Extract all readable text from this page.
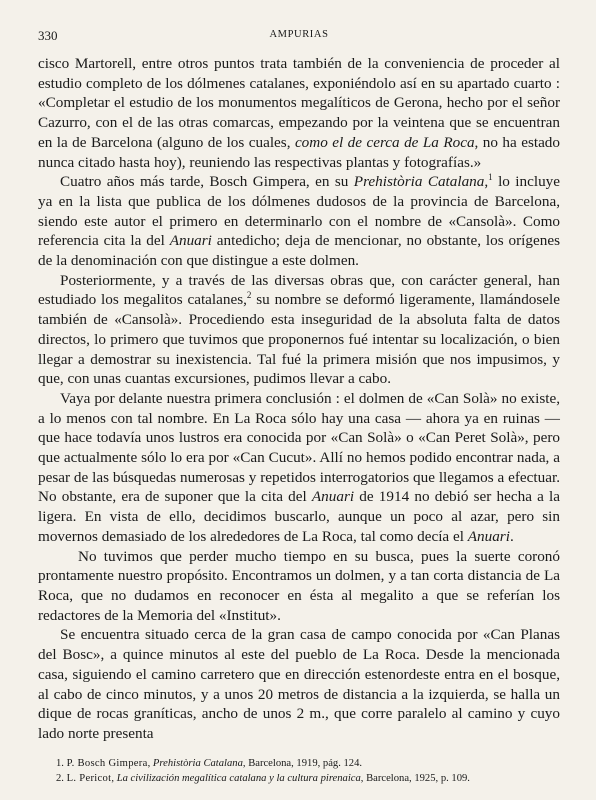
330	AMPURIAS

cisco Martorell, entre otros puntos trata también de la conveniencia de proceder al estudio completo de los dólmenes catalanes, exponiéndolo así en su apartado cuarto : «Completar el estudio de los monumentos megalíticos de Gerona, hecho por el señor Cazurro, con el de las otras comarcas, empezando por la veintena que se encuentran en la de Barcelona (alguno de los cuales, como el de cerca de La Roca, no ha estado nunca citado hasta hoy), reuniendo las respectivas plantas y fotografías.»

Cuatro años más tarde, Bosch Gimpera, en su Prehistòria Catalana,$^1$ lo incluye ya en la lista que publica de los dólmenes dudosos de la provincia de Barcelona, siendo este autor el primero en determinarlo con el nombre de «Cansolà». Como referencia cita la del Anuari antedicho; deja de mencionar, no obstante, los orígenes de la denominación con que distingue a este dolmen.

Posteriormente, y a través de las diversas obras que, con carácter general, han estudiado los megalitos catalanes,$^2$ su nombre se deformó ligeramente, llamándosele también de «Cansolà». Procediendo esta inseguridad de la absoluta falta de datos directos, lo primero que tuvimos que proponernos fué intentar su localización, o bien llegar a demostrar su inexistencia. Tal fué la primera misión que nos impusimos, y que, con unas cuantas excursiones, pudimos llevar a cabo.

Vaya por delante nuestra primera conclusión : el dolmen de «Can Solà» no existe, a lo menos con tal nombre. En La Roca sólo hay una casa — ahora ya en ruinas — que hace todavía unos lustros era conocida por «Can Solà» o «Can Peret Solà», pero que actualmente sólo lo era por «Can Cucut». Allí no hemos podido encontrar nada, a pesar de las búsquedas numerosas y repetidos interrogatorios que llegamos a efectuar. No obstante, era de suponer que la cita del Anuari de 1914 no debió ser hecha a la ligera. En vista de ello, decidimos buscarlo, aunque un poco al azar, pero sin movernos demasiado de los alrededores de La Roca, tal como decía el Anuari.

No tuvimos que perder mucho tiempo en su busca, pues la suerte coronó prontamente nuestro propósito. Encontramos un dolmen, y a tan corta distancia de La Roca, que no dudamos en reconocer en ésta al megalito a que se referían los redactores de la Memoria del «Institut».

Se encuentra situado cerca de la gran casa de campo conocida por «Can Planas del Bosc», a quince minutos al este del pueblo de La Roca. Desde la mencionada casa, siguiendo el camino carretero que en dirección estenordeste entra en el bosque, al cabo de cinco minutos, y a unos 20 metros de distancia a la izquierda, se halla un dique de rocas graníticas, ancho de unos 2 m., que corre paralelo al camino y cuyo lado norte presenta

1. P. Bosch Gimpera, Prehistòria Catalana, Barcelona, 1919, pág. 124.

2. L. Pericot, La civilización megalítica catalana y la cultura pirenaica, Barcelona, 1925, p. 109.
